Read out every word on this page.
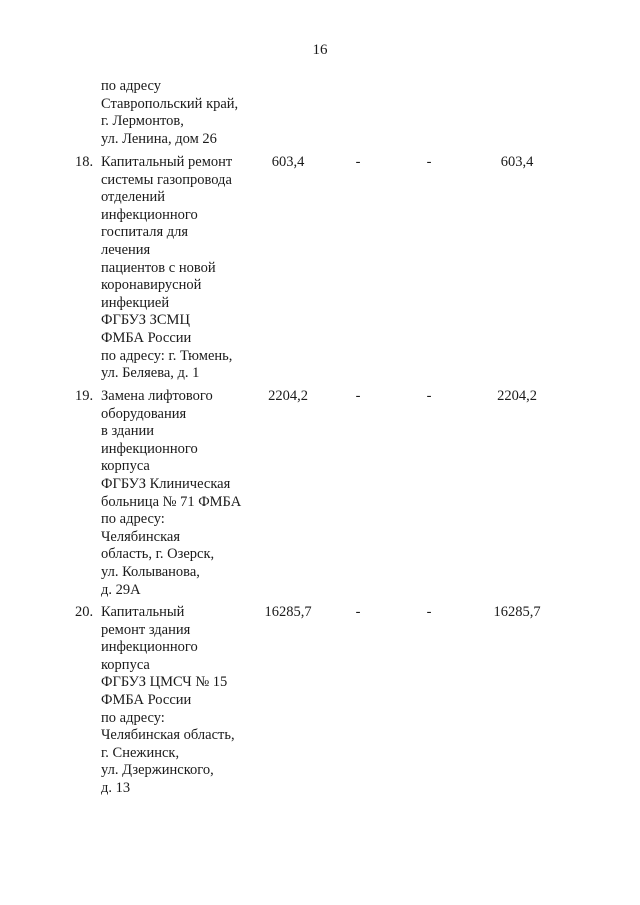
16
по адресу
Ставропольский край,
г. Лермонтов,
ул. Ленина, дом 26
18. Капитальный ремонт
системы газопровода
отделений
инфекционного
госпиталя для
лечения
пациентов с новой
коронавирусной
инфекцией
ФГБУЗ ЗСМЦ
ФМБА России
по адресу: г. Тюмень,
ул. Беляева, д. 1
603,4	-	-	603,4
19. Замена лифтового
оборудования
в здании
инфекционного
корпуса
ФГБУЗ Клиническая
больница № 71 ФМБА
по адресу:
Челябинская
область, г. Озерск,
ул. Колыванова,
д. 29А
2204,2	-	-	2204,2
20. Капитальный
ремонт здания
инфекционного
корпуса
ФГБУЗ ЦМСЧ № 15
ФМБА России
по адресу:
Челябинская область,
г. Снежинск,
ул. Дзержинского,
д. 13
16285,7	-	-	16285,7
